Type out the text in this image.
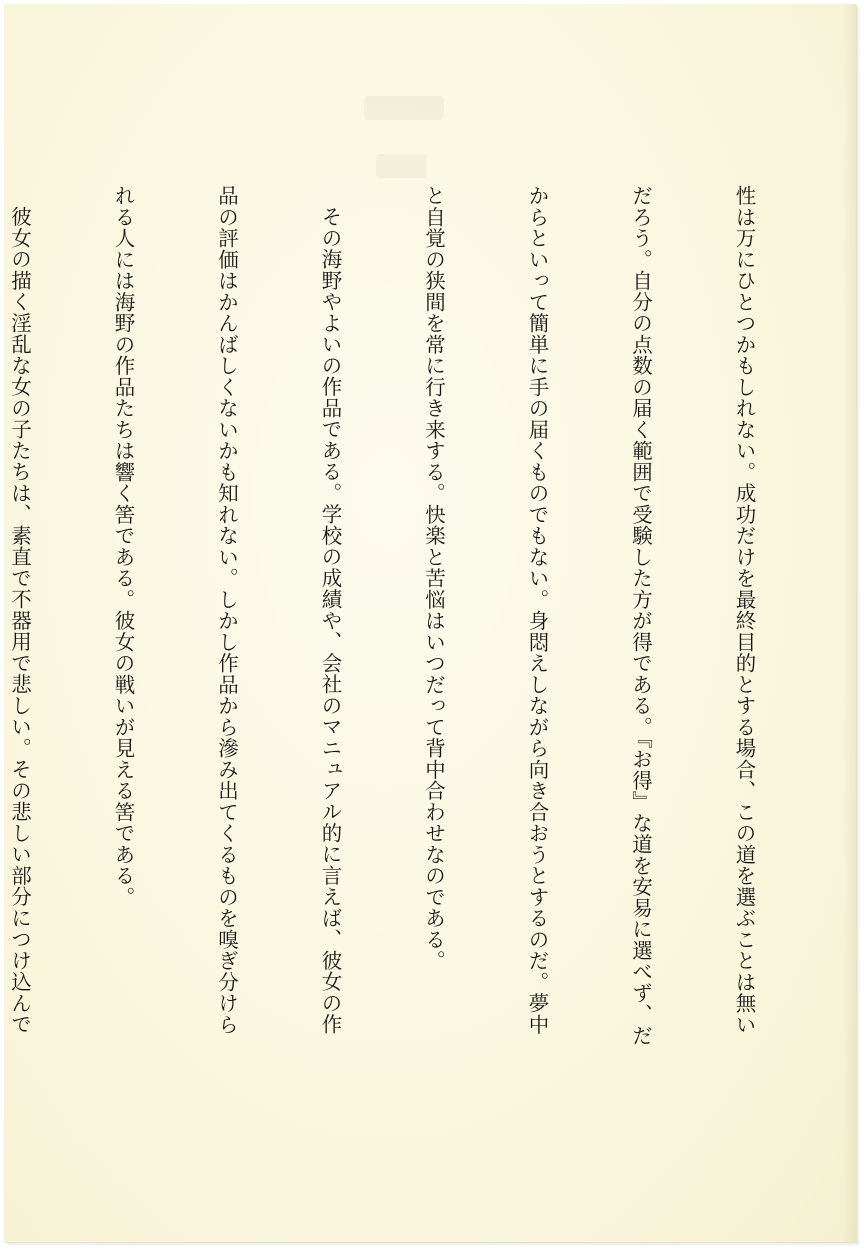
性は万にひとつかもしれない。成功だけを最終目的とする場合、この道を選ぶことは無い

だろう。自分の点数の届く範囲で受験した方が得である。『お得』な道を安易に選べず、だ

からといって簡単に手の届くものでもない。身悶えしながら向き合おうとするのだ。夢中

と自覚の狭間を常に行き来する。快楽と苦悩はいつだって背中合わせなのである。

その海野やよいの作品である。学校の成績や、会社のマニュアル的に言えば、彼女の作

品の評価はかんばしくないかも知れない。しかし作品から滲み出てくるものを嗅ぎ分けら

れる人には海野の作品たちは響く筈である。彼女の戦いが見える筈である。

彼女の描く淫乱な女の子たちは、素直で不器用で悲しい。その悲しい部分につけ込んで
